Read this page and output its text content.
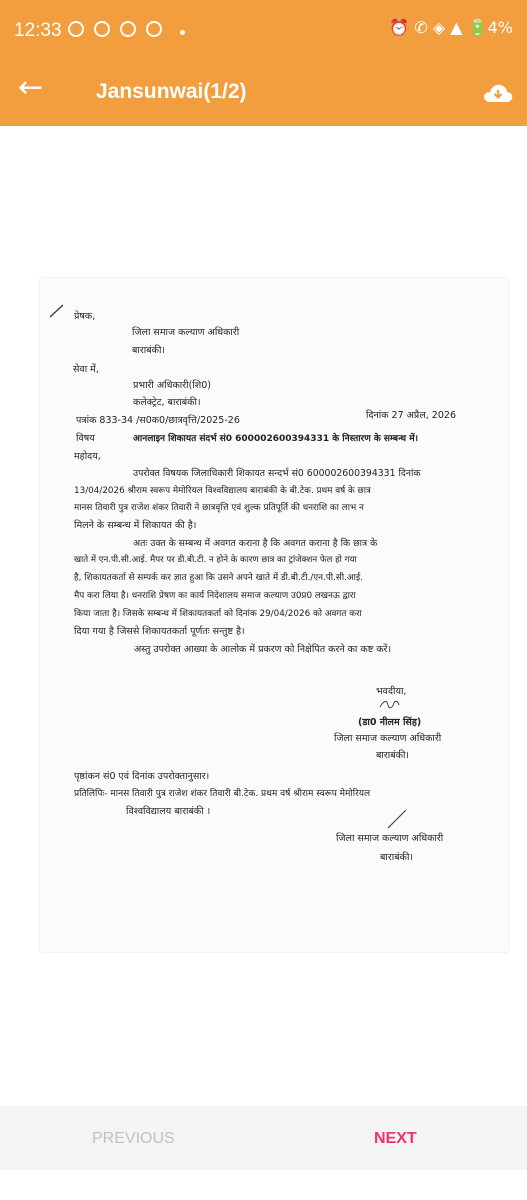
12:33	⏰ ✆ ◈ ▲ 🔋4%
←	Jansunwai(1/2)
प्रेषक,
जिला समाज कल्याण अधिकारी
बाराबंकी।
सेवा में,
प्रभारी अधिकारी(शि0)
कलेक्ट्रेट, बाराबंकी।
पत्रांक 833-34 /स0क0/छात्रवृत्ति/2025-26	दिनांक 27 अप्रैल, 2026
विषय	आनलाइन शिकायत संदर्भ सं0 600002600394331 के निस्तारण के सम्बन्ध में।
महोदय,
उपरोक्त विषयक जिलाधिकारी शिकायत सन्दर्भ सं0 600002600394331 दिनांक
13/04/2026 श्रीराम स्वरूप मेमोरियल विश्वविद्यालय बाराबंकी के बी.टेक. प्रथम वर्ष के छात्र
मानस तिवारी पुत्र राजेश शंकर तिवारी ने छात्रवृत्ति एवं शुल्क प्रतिपूर्ति की धनराशि का लाभ न
मिलने के सम्बन्ध में शिकायत की है।
अतः उक्त के सम्बन्ध में अवगत कराना है कि अवगत कराना है कि छात्र के
खाते में एन.पी.सी.आई. मैपर पर डी.बी.टी. न होने के कारण छात्र का ट्रांजेक्शन फेल हो गया
है, शिकायतकर्ता से सम्पर्क कर ज्ञात हुआ कि उसने अपने खाते में डी.बी.टी./एन.पी.सी.आई.
मैप करा लिया है। धनराशि प्रेषण का कार्य निदेशालय समाज कल्याण उ0प्र0 लखनऊ द्वारा
किया जाता है। जिसके सम्बन्ध में शिकायतकर्ता को दिनांक 29/04/2026 को अवगत करा
दिया गया है जिससे शिकायतकर्ता पूर्णतः सन्तुष्ट है।
अस्तु उपरोक्त आख्या के आलोक में प्रकरण को निक्षेपित करने का कष्ट करें।
भवदीया,
(डा0 नीलम सिंह)
जिला समाज कल्याण अधिकारी
बाराबंकी।
पृष्ठांकन सं0 एवं दिनांक उपरोक्तानुसार।
प्रतिलिपिः- मानस तिवारी पुत्र राजेश शंकर तिवारी बी.टेक. प्रथम वर्ष श्रीराम स्वरूप मेमोरियल
विश्वविद्यालय बाराबंकी ।
जिला समाज कल्याण अधिकारी
बाराबंकी।
PREVIOUS	NEXT
